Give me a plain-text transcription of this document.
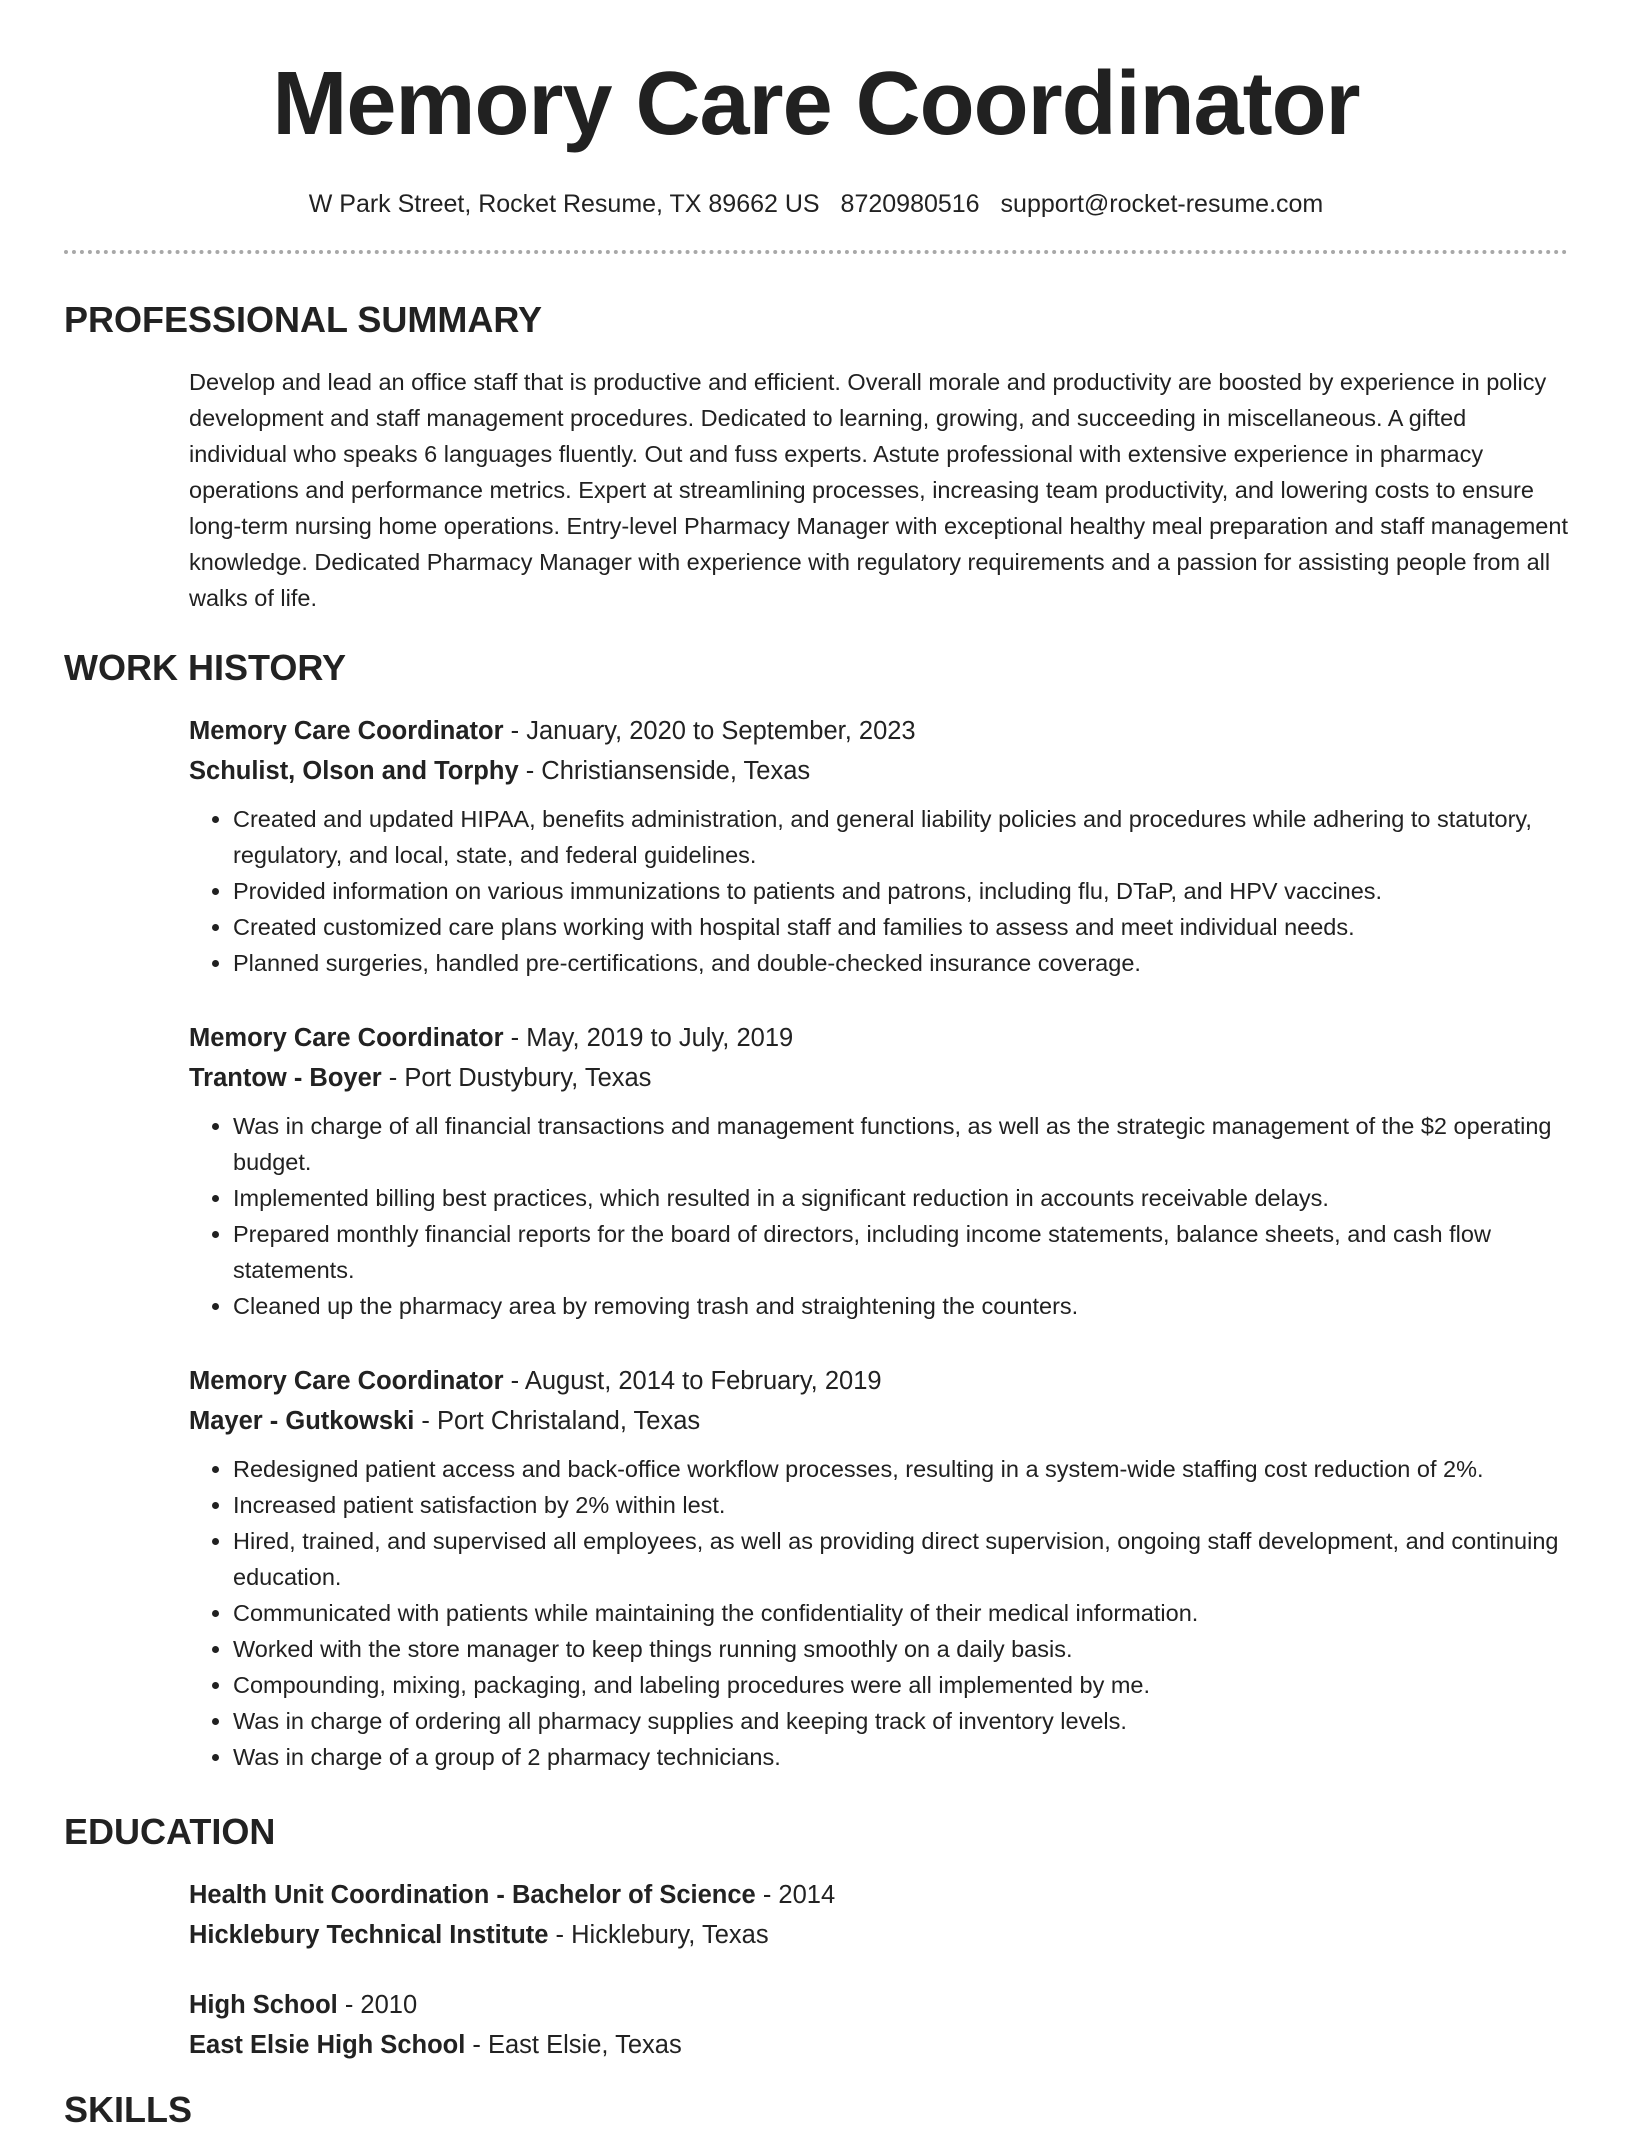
Memory Care Coordinator
W Park Street, Rocket Resume, TX 89662 US 8720980516 support@rocket-resume.com
PROFESSIONAL SUMMARY

Develop and lead an office staff that is productive and efficient. Overall morale and productivity are boosted by experience in policy development and staff management procedures. Dedicated to learning, growing, and succeeding in miscellaneous. A gifted individual who speaks 6 languages fluently. Out and fuss experts. Astute professional with extensive experience in pharmacy operations and performance metrics. Expert at streamlining processes, increasing team productivity, and lowering costs to ensure long-term nursing home operations. Entry-level Pharmacy Manager with exceptional healthy meal preparation and staff management knowledge. Dedicated Pharmacy Manager with experience with regulatory requirements and a passion for assisting people from all walks of life.

WORK HISTORY
Memory Care Coordinator - January, 2020 to September, 2023
Schulist, Olson and Torphy - Christiansenside, Texas
• Created and updated HIPAA, benefits administration, and general liability policies and procedures while adhering to statutory, regulatory, and local, state, and federal guidelines.
• Provided information on various immunizations to patients and patrons, including flu, DTaP, and HPV vaccines.
• Created customized care plans working with hospital staff and families to assess and meet individual needs.
• Planned surgeries, handled pre-certifications, and double-checked insurance coverage.
Memory Care Coordinator - May, 2019 to July, 2019
Trantow - Boyer - Port Dustybury, Texas
• Was in charge of all financial transactions and management functions, as well as the strategic management of the $2 operating budget.
• Implemented billing best practices, which resulted in a significant reduction in accounts receivable delays.
• Prepared monthly financial reports for the board of directors, including income statements, balance sheets, and cash flow statements.
• Cleaned up the pharmacy area by removing trash and straightening the counters.
Memory Care Coordinator - August, 2014 to February, 2019
Mayer - Gutkowski - Port Christaland, Texas
• Redesigned patient access and back-office workflow processes, resulting in a system-wide staffing cost reduction of 2%.
• Increased patient satisfaction by 2% within lest.
• Hired, trained, and supervised all employees, as well as providing direct supervision, ongoing staff development, and continuing education.
• Communicated with patients while maintaining the confidentiality of their medical information.
• Worked with the store manager to keep things running smoothly on a daily basis.
• Compounding, mixing, packaging, and labeling procedures were all implemented by me.
• Was in charge of ordering all pharmacy supplies and keeping track of inventory levels.
• Was in charge of a group of 2 pharmacy technicians.
EDUCATION
Health Unit Coordination - Bachelor of Science - 2014
Hicklebury Technical Institute - Hicklebury, Texas
High School - 2010
East Elsie High School - East Elsie, Texas
SKILLS
